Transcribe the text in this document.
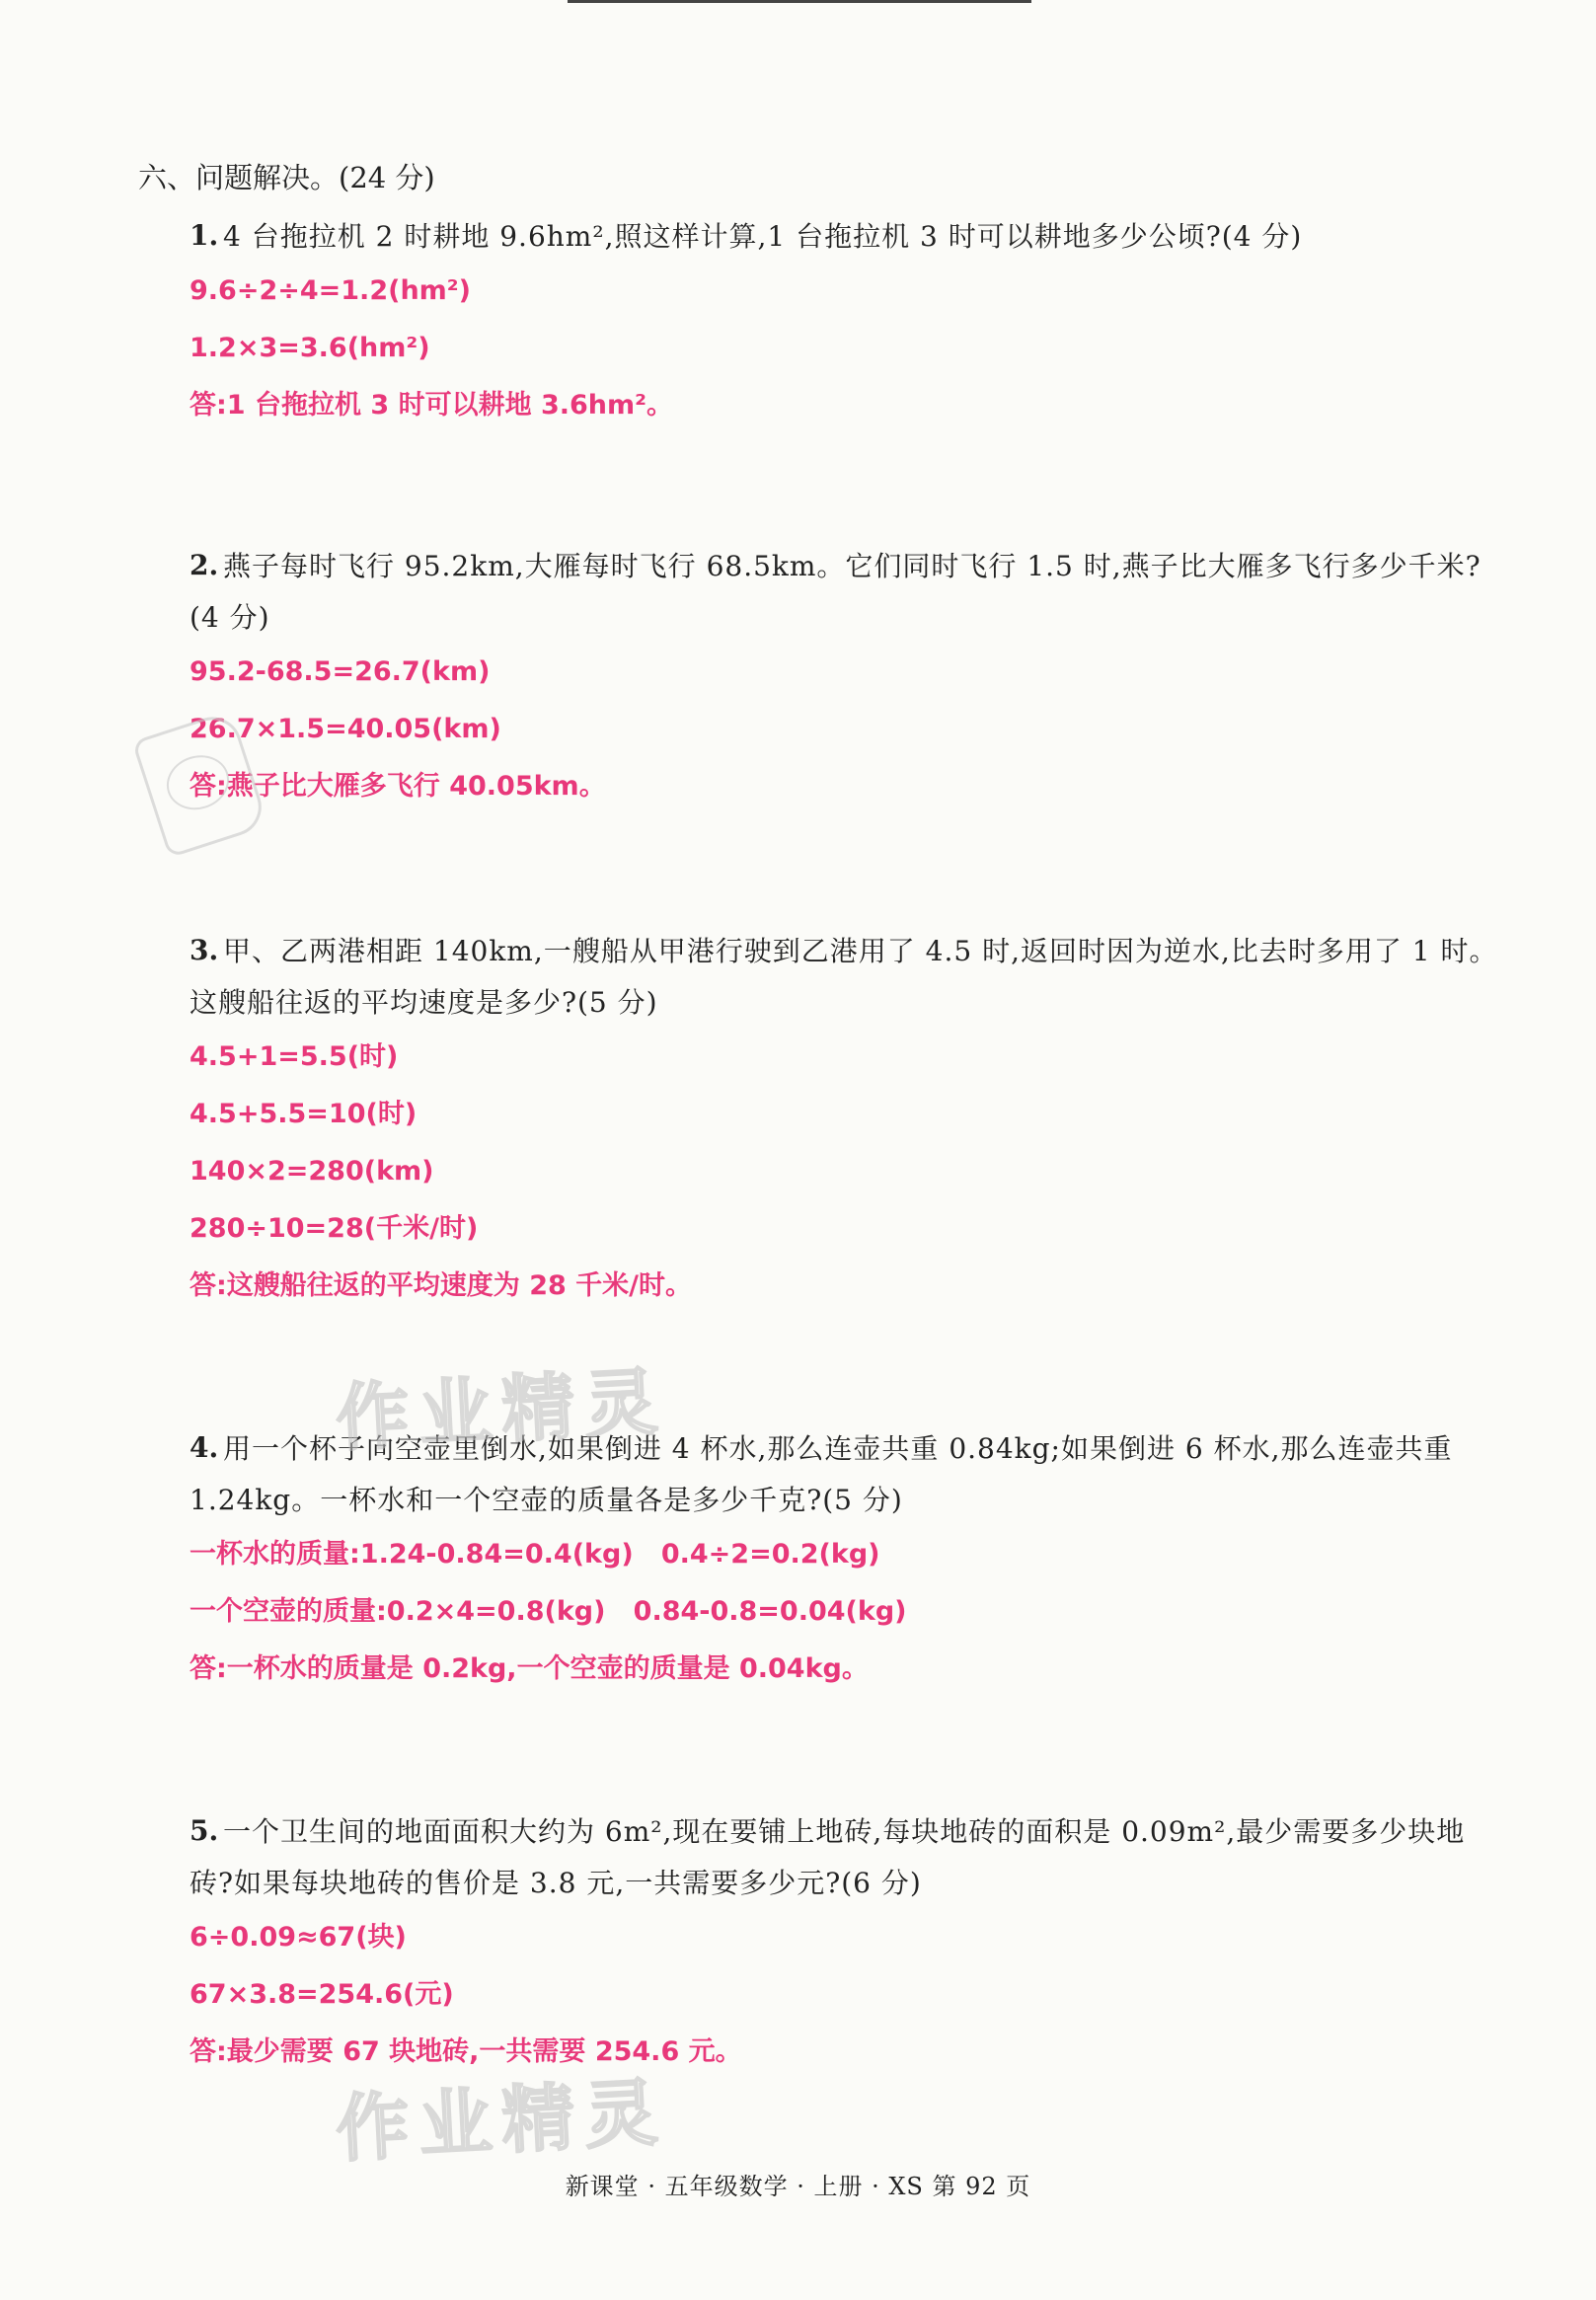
六、问题解决。(24 分)
1. 4 台拖拉机 2 时耕地 9.6hm²,照这样计算,1 台拖拉机 3 时可以耕地多少公顷?(4 分)

9.6÷2÷4=1.2(hm²)
1.2×3=3.6(hm²)
答:1 台拖拉机 3 时可以耕地 3.6hm²。
2. 燕子每时飞行 95.2km,大雁每时飞行 68.5km。它们同时飞行 1.5 时,燕子比大雁多飞行多少千米?(4 分)

95.2-68.5=26.7(km)
26.7×1.5=40.05(km)
答:燕子比大雁多飞行 40.05km。
3. 甲、乙两港相距 140km,一艘船从甲港行驶到乙港用了 4.5 时,返回时因为逆水,比去时多用了 1 时。这艘船往返的平均速度是多少?(5 分)

4.5+1=5.5(时)
4.5+5.5=10(时)
140×2=280(km)
280÷10=28(千米/时)
答:这艘船往返的平均速度为 28 千米/时。
4. 用一个杯子向空壶里倒水,如果倒进 4 杯水,那么连壶共重 0.84kg;如果倒进 6 杯水,那么连壶共重 1.24kg。一杯水和一个空壶的质量各是多少千克?(5 分)

一杯水的质量:1.24-0.84=0.4(kg)   0.4÷2=0.2(kg)
一个空壶的质量:0.2×4=0.8(kg)   0.84-0.8=0.04(kg)
答:一杯水的质量是 0.2kg,一个空壶的质量是 0.04kg。
5. 一个卫生间的地面面积大约为 6m²,现在要铺上地砖,每块地砖的面积是 0.09m²,最少需要多少块地砖?如果每块地砖的售价是 3.8 元,一共需要多少元?(6 分)

6÷0.09≈67(块)
67×3.8=254.6(元)
答:最少需要 67 块地砖,一共需要 254.6 元。
作业精灵
作业精灵
新课堂 · 五年级数学 · 上册 · XS 第 92 页
